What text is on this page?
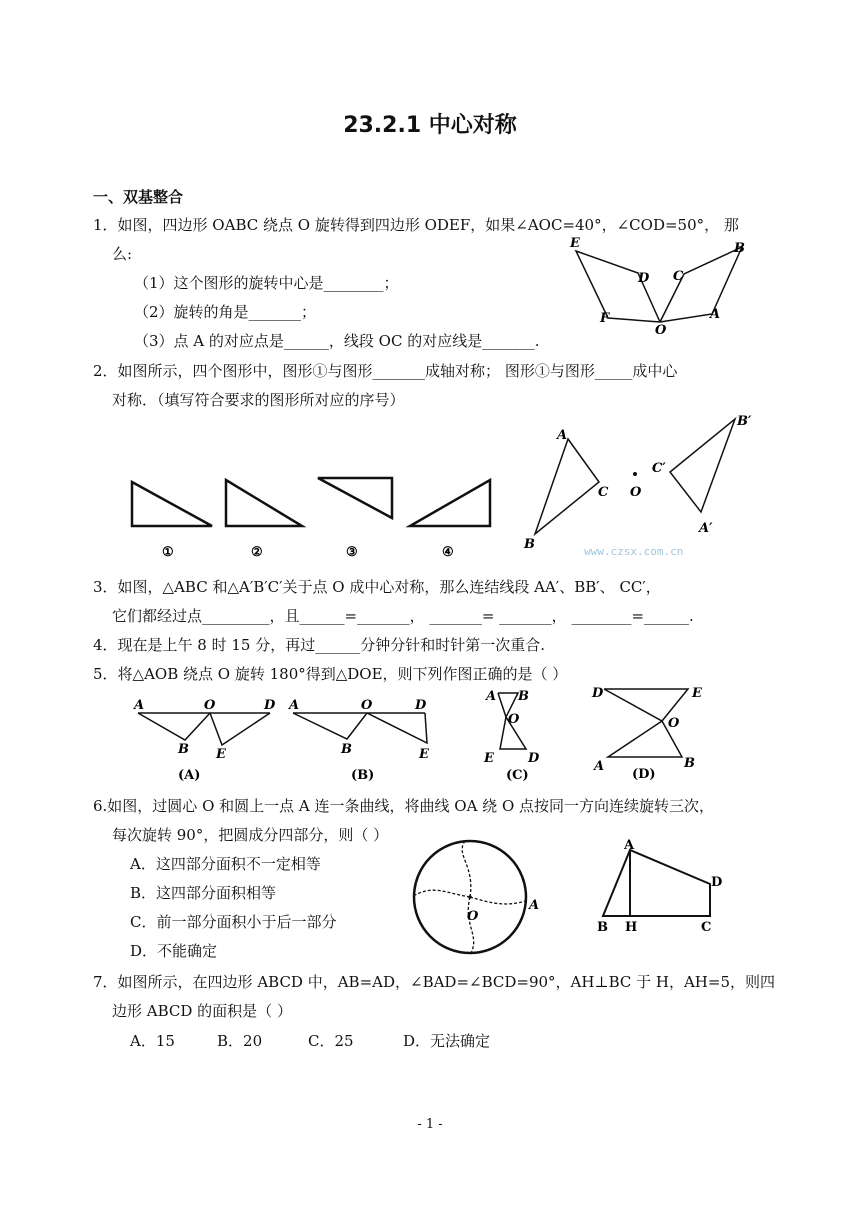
23.2.1 中心对称
一、双基整合
1．如图，四边形 OABC 绕点 O 旋转得到四边形 ODEF，如果∠AOC=40°，∠COD=50°， 那
么:
（1）这个图形的旋转中心是________；
（2）旋转的角是_______；
（3）点 A 的对应点是______，线段 OC 的对应线是_______.
E
D C
B
F
O
A
2．如图所示，四个图形中，图形①与图形_______成轴对称； 图形①与图形_____成中心
对称．（填写符合要求的图形所对应的序号）
①	②	③	④
A
C
B
O
C′
B′
A′
www.czsx.com.cn
3．如图，△ABC 和△A′B′C′关于点 O 成中心对称，那么连结线段 AA′、BB′、 CC′，
它们都经过点_________，且______=_______， _______= _______， ________=______.
4．现在是上午 8 时 15 分，再过______分钟分针和时针第一次重合.
5．将△AOB 绕点 O 旋转 180°得到△DOE，则下列作图正确的是（ ）
A	O	D
B E
(A)
A	O	D
B	E
(B)
A B
O
E	D
(C)
D	E
O
A	B
(D)
6.如图，过圆心 O 和圆上一点 A 连一条曲线，将曲线 OA 绕 O 点按同一方向连续旋转三次，
每次旋转 90°，把圆成分四部分，则（ ）
A．这四部分面积不一定相等
B．这四部分面积相等
C．前一部分面积小于后一部分
D．不能确定
O
A
A
D
B H	C
7．如图所示，在四边形 ABCD 中，AB=AD，∠BAD=∠BCD=90°，AH⊥BC 于 H，AH=5，则四
边形 ABCD 的面积是（ ）
A．15	B．20	C．25	D．无法确定
- 1 -
